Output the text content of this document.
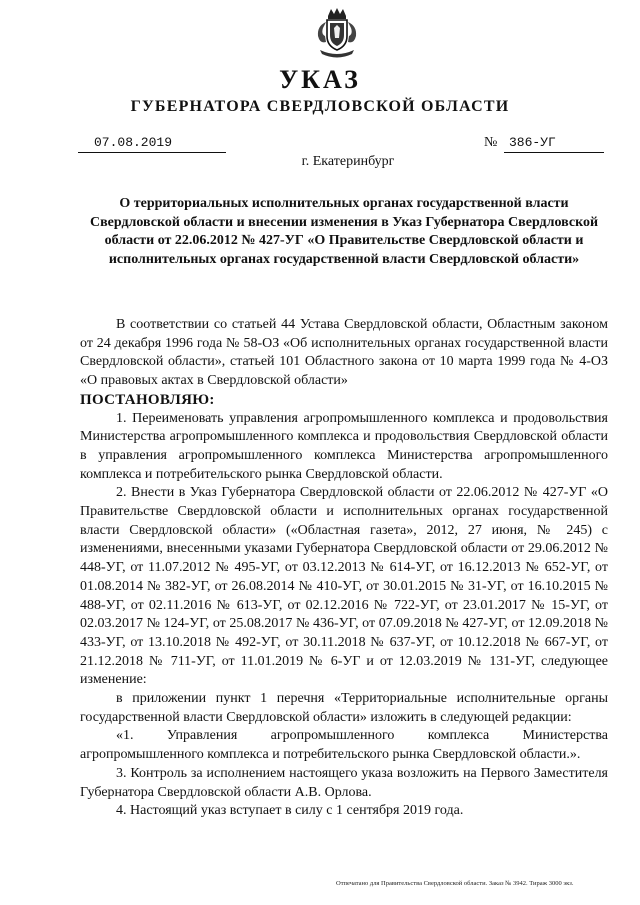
УКАЗ
ГУБЕРНАТОРА СВЕРДЛОВСКОЙ ОБЛАСТИ
07.08.2019	№ 386-УГ
г. Екатеринбург

О территориальных исполнительных органах государственной власти Свердловской области и внесении изменения в Указ Губернатора Свердловской области от 22.06.2012 № 427-УГ «О Правительстве Свердловской области и исполнительных органах государственной власти Свердловской области»

В соответствии со статьей 44 Устава Свердловской области, Областным законом от 24 декабря 1996 года № 58-ОЗ «Об исполнительных органах государственной власти Свердловской области», статьей 101 Областного закона от 10 марта 1999 года № 4-ОЗ «О правовых актах в Свердловской области»

ПОСТАНОВЛЯЮ:

1. Переименовать управления агропромышленного комплекса и продовольствия Министерства агропромышленного комплекса и продовольствия Свердловской области в управления агропромышленного комплекса Министерства агропромышленного комплекса и потребительского рынка Свердловской области.

2. Внести в Указ Губернатора Свердловской области от 22.06.2012 № 427-УГ «О Правительстве Свердловской области и исполнительных органах государственной власти Свердловской области» («Областная газета», 2012, 27 июня, № 245) с изменениями, внесенными указами Губернатора Свердловской области от 29.06.2012 № 448-УГ, от 11.07.2012 № 495-УГ, от 03.12.2013 № 614-УГ, от 16.12.2013 № 652-УГ, от 01.08.2014 № 382-УГ, от 26.08.2014 № 410-УГ, от 30.01.2015 № 31-УГ, от 16.10.2015 № 488-УГ, от 02.11.2016 № 613-УГ, от 02.12.2016 № 722-УГ, от 23.01.2017 № 15-УГ, от 02.03.2017 № 124-УГ, от 25.08.2017 № 436-УГ, от 07.09.2018 № 427-УГ, от 12.09.2018 № 433-УГ, от 13.10.2018 № 492-УГ, от 30.11.2018 № 637-УГ, от 10.12.2018 № 667-УГ, от 21.12.2018 № 711-УГ, от 11.01.2019 № 6-УГ и от 12.03.2019 № 131-УГ, следующее изменение:

в приложении пункт 1 перечня «Территориальные исполнительные органы государственной власти Свердловской области» изложить в следующей редакции:

«1. Управления агропромышленного комплекса Министерства агропромышленного комплекса и потребительского рынка Свердловской области.».

3. Контроль за исполнением настоящего указа возложить на Первого Заместителя Губернатора Свердловской области А.В. Орлова.

4. Настоящий указ вступает в силу с 1 сентября 2019 года.

Отпечатано для Правительства Свердловской области. Заказ № 3942. Тираж 3000 экз.
